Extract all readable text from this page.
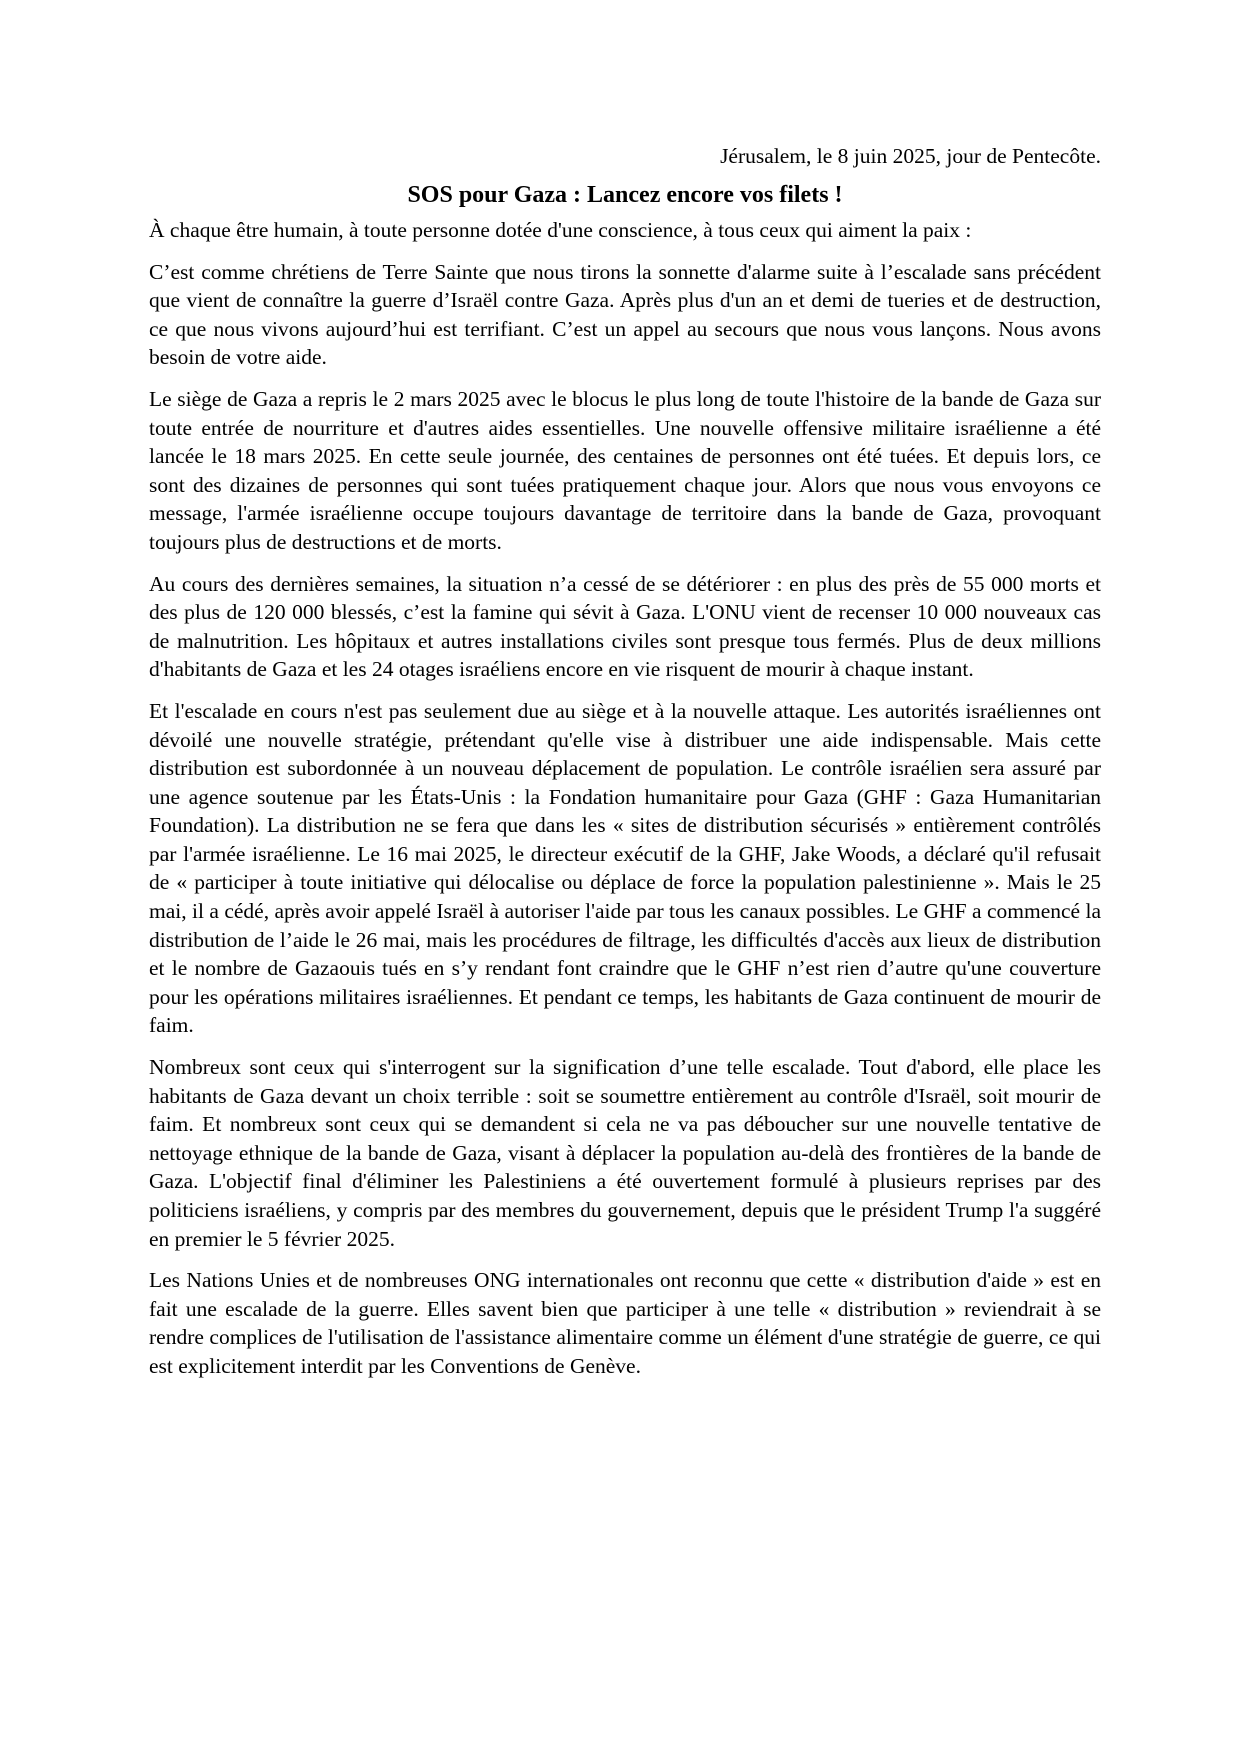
Jérusalem, le 8 juin 2025, jour de Pentecôte.

SOS pour Gaza : Lancez encore vos filets !

À chaque être humain, à toute personne dotée d'une conscience, à tous ceux qui aiment la paix :

C’est comme chrétiens de Terre Sainte que nous tirons la sonnette d'alarme suite à l’escalade sans précédent que vient de connaître la guerre d’Israël contre Gaza. Après plus d'un an et demi de tueries et de destruction, ce que nous vivons aujourd’hui est terrifiant. C’est un appel au secours que nous vous lançons. Nous avons besoin de votre aide.

Le siège de Gaza a repris le 2 mars 2025 avec le blocus le plus long de toute l'histoire de la bande de Gaza sur toute entrée de nourriture et d'autres aides essentielles. Une nouvelle offensive militaire israélienne a été lancée le 18 mars 2025. En cette seule journée, des centaines de personnes ont été tuées. Et depuis lors, ce sont des dizaines de personnes qui sont tuées pratiquement chaque jour. Alors que nous vous envoyons ce message, l'armée israélienne occupe toujours davantage de territoire dans la bande de Gaza, provoquant toujours plus de destructions et de morts.

Au cours des dernières semaines, la situation n’a cessé de se détériorer : en plus des près de 55 000 morts et des plus de 120 000 blessés, c’est la famine qui sévit à Gaza. L'ONU vient de recenser 10 000 nouveaux cas de malnutrition. Les hôpitaux et autres installations civiles sont presque tous fermés. Plus de deux millions d'habitants de Gaza et les 24 otages israéliens encore en vie risquent de mourir à chaque instant.

Et l'escalade en cours n'est pas seulement due au siège et à la nouvelle attaque. Les autorités israéliennes ont dévoilé une nouvelle stratégie, prétendant qu'elle vise à distribuer une aide indispensable. Mais cette distribution est subordonnée à un nouveau déplacement de population. Le contrôle israélien sera assuré par une agence soutenue par les États-Unis : la Fondation humanitaire pour Gaza (GHF : Gaza Humanitarian Foundation). La distribution ne se fera que dans les « sites de distribution sécurisés » entièrement contrôlés par l'armée israélienne. Le 16 mai 2025, le directeur exécutif de la GHF, Jake Woods, a déclaré qu'il refusait de « participer à toute initiative qui délocalise ou déplace de force la population palestinienne ». Mais le 25 mai, il a cédé, après avoir appelé Israël à autoriser l'aide par tous les canaux possibles. Le GHF a commencé la distribution de l’aide le 26 mai, mais les procédures de filtrage, les difficultés d'accès aux lieux de distribution et le nombre de Gazaouis tués en s’y rendant font craindre que le GHF n’est rien d’autre qu'une couverture pour les opérations militaires israéliennes. Et pendant ce temps, les habitants de Gaza continuent de mourir de faim.

Nombreux sont ceux qui s'interrogent sur la signification d’une telle escalade. Tout d'abord, elle place les habitants de Gaza devant un choix terrible : soit se soumettre entièrement au contrôle d'Israël, soit mourir de faim. Et nombreux sont ceux qui se demandent si cela ne va pas déboucher sur une nouvelle tentative de nettoyage ethnique de la bande de Gaza, visant à déplacer la population au-delà des frontières de la bande de Gaza. L'objectif final d'éliminer les Palestiniens a été ouvertement formulé à plusieurs reprises par des politiciens israéliens, y compris par des membres du gouvernement, depuis que le président Trump l'a suggéré en premier le 5 février 2025.

Les Nations Unies et de nombreuses ONG internationales ont reconnu que cette « distribution d'aide » est en fait une escalade de la guerre. Elles savent bien que participer à une telle « distribution » reviendrait à se rendre complices de l'utilisation de l'assistance alimentaire comme un élément d'une stratégie de guerre, ce qui est explicitement interdit par les Conventions de Genève.
